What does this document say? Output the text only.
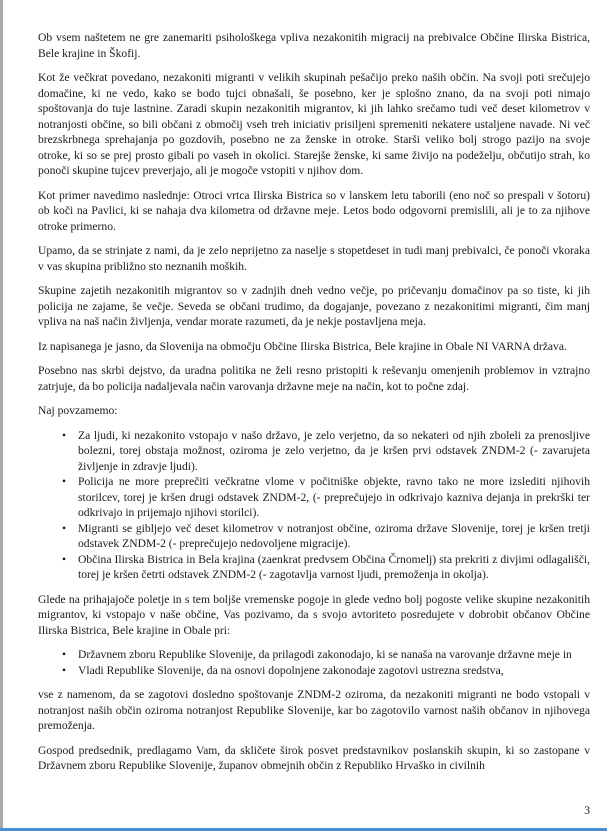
Ob vsem naštetem ne gre zanemariti psihološkega vpliva nezakonitih migracij na prebivalce Občine Ilirska Bistrica, Bele krajine in Škofij.

Kot že večkrat povedano, nezakoniti migranti v velikih skupinah pešačijo preko naših občin. Na svoji poti srečujejo domačine, ki ne vedo, kako se bodo tujci obnašali, še posebno, ker je splošno znano, da na svoji poti nimajo spoštovanja do tuje lastnine. Zaradi skupin nezakonitih migrantov, ki jih lahko srečamo tudi več deset kilometrov v notranjosti občine, so bili občani z območij vseh treh iniciativ prisiljeni spremeniti nekatere ustaljene navade. Ni več brezskrbnega sprehajanja po gozdovih, posebno ne za ženske in otroke. Starši veliko bolj strogo pazijo na svoje otroke, ki so se prej prosto gibali po vaseh in okolici. Starejše ženske, ki same živijo na podeželju, občutijo strah, ko ponoči skupine tujcev preverjajo, ali je mogoče vstopiti v njihov dom.

Kot primer navedimo naslednje: Otroci vrtca Ilirska Bistrica so v lanskem letu taborili (eno noč so prespali v šotoru) ob koči na Pavlici, ki se nahaja dva kilometra od državne meje. Letos bodo odgovorni premislili, ali je to za njihove otroke primerno.

Upamo, da se strinjate z nami, da je zelo neprijetno za naselje s stopetdeset in tudi manj prebivalci, če ponoči vkoraka v vas skupina približno sto neznanih moških.

Skupine zajetih nezakonitih migrantov so v zadnjih dneh vedno večje, po pričevanju domačinov pa so tiste, ki jih policija ne zajame, še večje. Seveda se občani trudimo, da dogajanje, povezano z nezakonitimi migranti, čim manj vpliva na naš način življenja, vendar morate razumeti, da je nekje postavljena meja.

Iz napisanega je jasno, da Slovenija na območju Občine Ilirska Bistrica, Bele krajine in Obale NI VARNA država.

Posebno nas skrbi dejstvo, da uradna politika ne želi resno pristopiti k reševanju omenjenih problemov in vztrajno zatrjuje, da bo policija nadaljevala način varovanja državne meje na način, kot to počne zdaj.

Naj povzamemo:

• Za ljudi, ki nezakonito vstopajo v našo državo, je zelo verjetno, da so nekateri od njih zboleli za prenosljive bolezni, torej obstaja možnost, oziroma je zelo verjetno, da je kršen prvi odstavek ZNDM-2 (- zavarujeta življenje in zdravje ljudi).
• Policija ne more preprečiti večkratne vlome v počitniške objekte, ravno tako ne more izslediti njihovih storilcev, torej je kršen drugi odstavek ZNDM-2, (- preprečujejo in odkrivajo kazniva dejanja in prekrški ter odkrivajo in prijemajo njihovi storilci).
• Migranti se gibljejo več deset kilometrov v notranjost občine, oziroma države Slovenije, torej je kršen tretji odstavek ZNDM-2 (- preprečujejo nedovoljene migracije).
• Občina Ilirska Bistrica in Bela krajina (zaenkrat predvsem Občina Črnomelj) sta prekriti z divjimi odlagališči, torej je kršen četrti odstavek ZNDM-2 (- zagotavlja varnost ljudi, premoženja in okolja).

Glede na prihajajoče poletje in s tem boljše vremenske pogoje in glede vedno bolj pogoste velike skupine nezakonitih migrantov, ki vstopajo v naše občine, Vas pozivamo, da s svojo avtoriteto posredujete v dobrobit občanov Občine Ilirska Bistrica, Bele krajine in Obale pri:

• Državnem zboru Republike Slovenije, da prilagodi zakonodajo, ki se nanaša na varovanje državne meje in
• Vladi Republike Slovenije, da na osnovi dopolnjene zakonodaje zagotovi ustrezna sredstva,

vse z namenom, da se zagotovi dosledno spoštovanje ZNDM-2 oziroma, da nezakoniti migranti ne bodo vstopali v notranjost naših občin oziroma notranjost Republike Slovenije, kar bo zagotovilo varnost naših občanov in njihovega premoženja.

Gospod predsednik, predlagamo Vam, da skličete širok posvet predstavnikov poslanskih skupin, ki so zastopane v Državnem zboru Republike Slovenije, županov obmejnih občin z Republiko Hrvaško in civilnih

3
